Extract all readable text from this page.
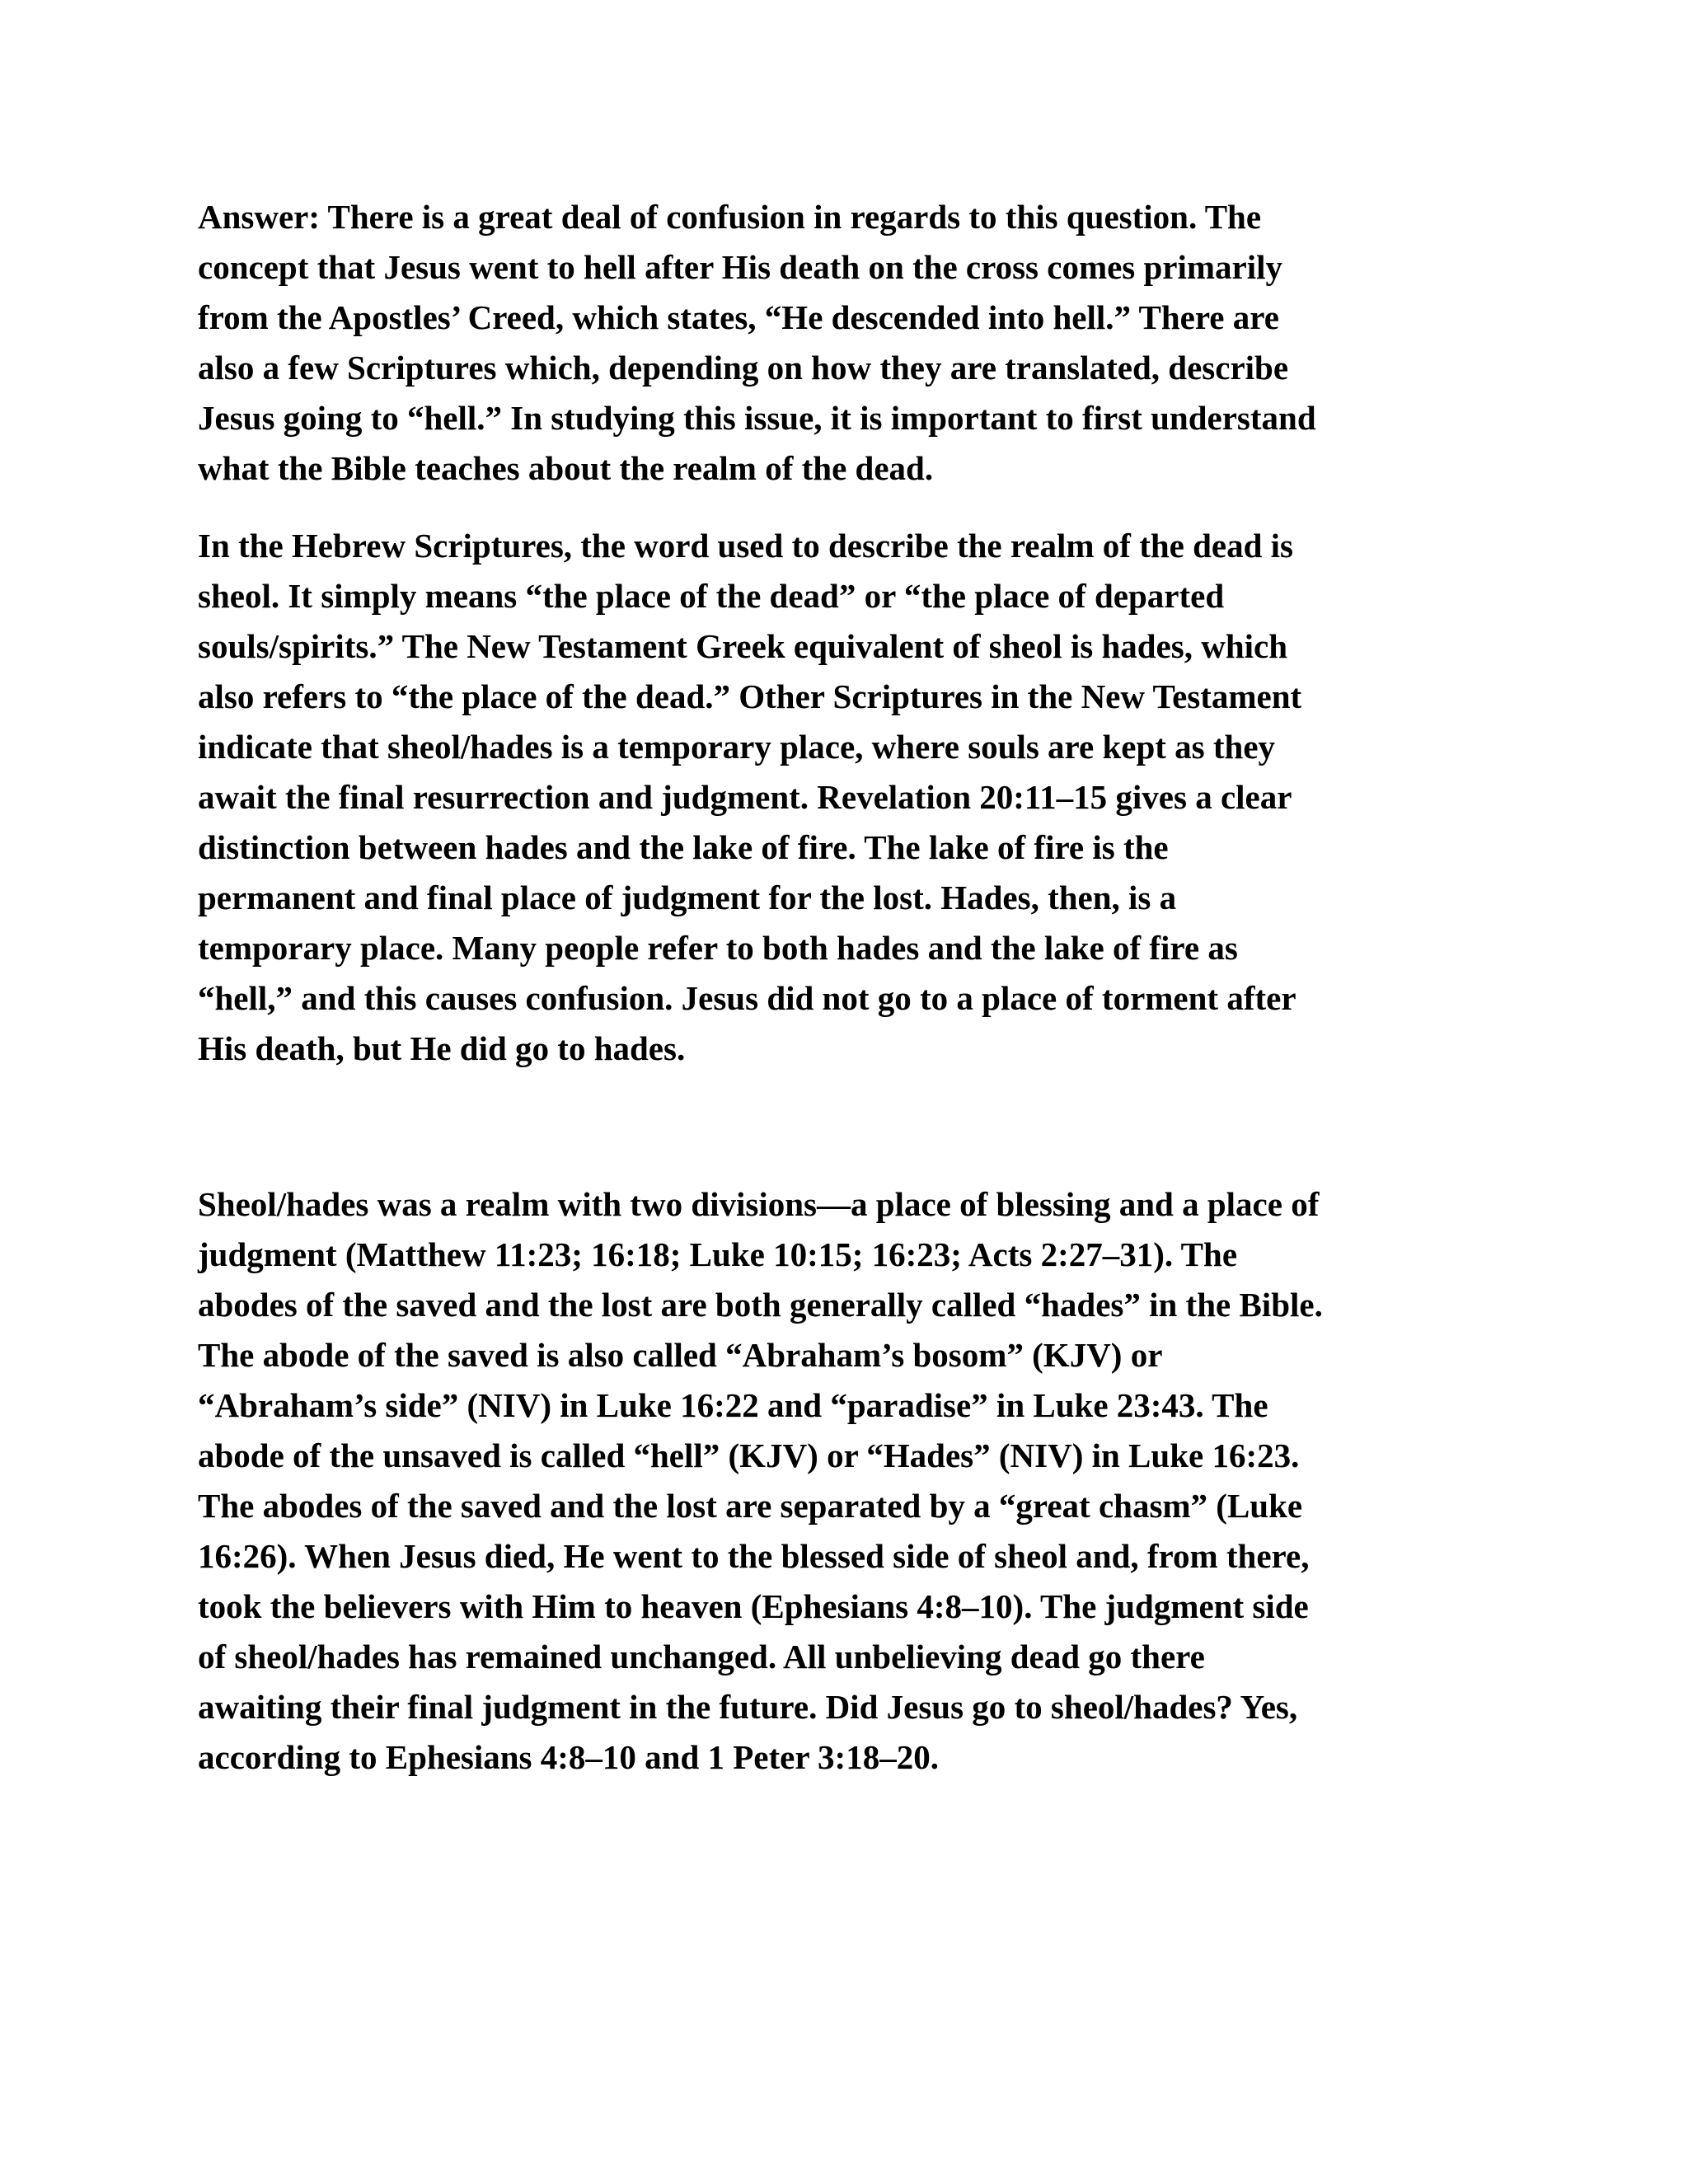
Answer: There is a great deal of confusion in regards to this question. The
concept that Jesus went to hell after His death on the cross comes primarily
from the Apostles’ Creed, which states, “He descended into hell.” There are
also a few Scriptures which, depending on how they are translated, describe
Jesus going to “hell.” In studying this issue, it is important to first understand
what the Bible teaches about the realm of the dead.

In the Hebrew Scriptures, the word used to describe the realm of the dead is
sheol. It simply means “the place of the dead” or “the place of departed
souls/spirits.” The New Testament Greek equivalent of sheol is hades, which
also refers to “the place of the dead.” Other Scriptures in the New Testament
indicate that sheol/hades is a temporary place, where souls are kept as they
await the final resurrection and judgment. Revelation 20:11–15 gives a clear
distinction between hades and the lake of fire. The lake of fire is the
permanent and final place of judgment for the lost. Hades, then, is a
temporary place. Many people refer to both hades and the lake of fire as
“hell,” and this causes confusion. Jesus did not go to a place of torment after
His death, but He did go to hades.

Sheol/hades was a realm with two divisions—a place of blessing and a place of
judgment (Matthew 11:23; 16:18; Luke 10:15; 16:23; Acts 2:27–31). The
abodes of the saved and the lost are both generally called “hades” in the Bible.
The abode of the saved is also called “Abraham’s bosom” (KJV) or
“Abraham’s side” (NIV) in Luke 16:22 and “paradise” in Luke 23:43. The
abode of the unsaved is called “hell” (KJV) or “Hades” (NIV) in Luke 16:23.
The abodes of the saved and the lost are separated by a “great chasm” (Luke
16:26). When Jesus died, He went to the blessed side of sheol and, from there,
took the believers with Him to heaven (Ephesians 4:8–10). The judgment side
of sheol/hades has remained unchanged. All unbelieving dead go there
awaiting their final judgment in the future. Did Jesus go to sheol/hades? Yes,
according to Ephesians 4:8–10 and 1 Peter 3:18–20.
